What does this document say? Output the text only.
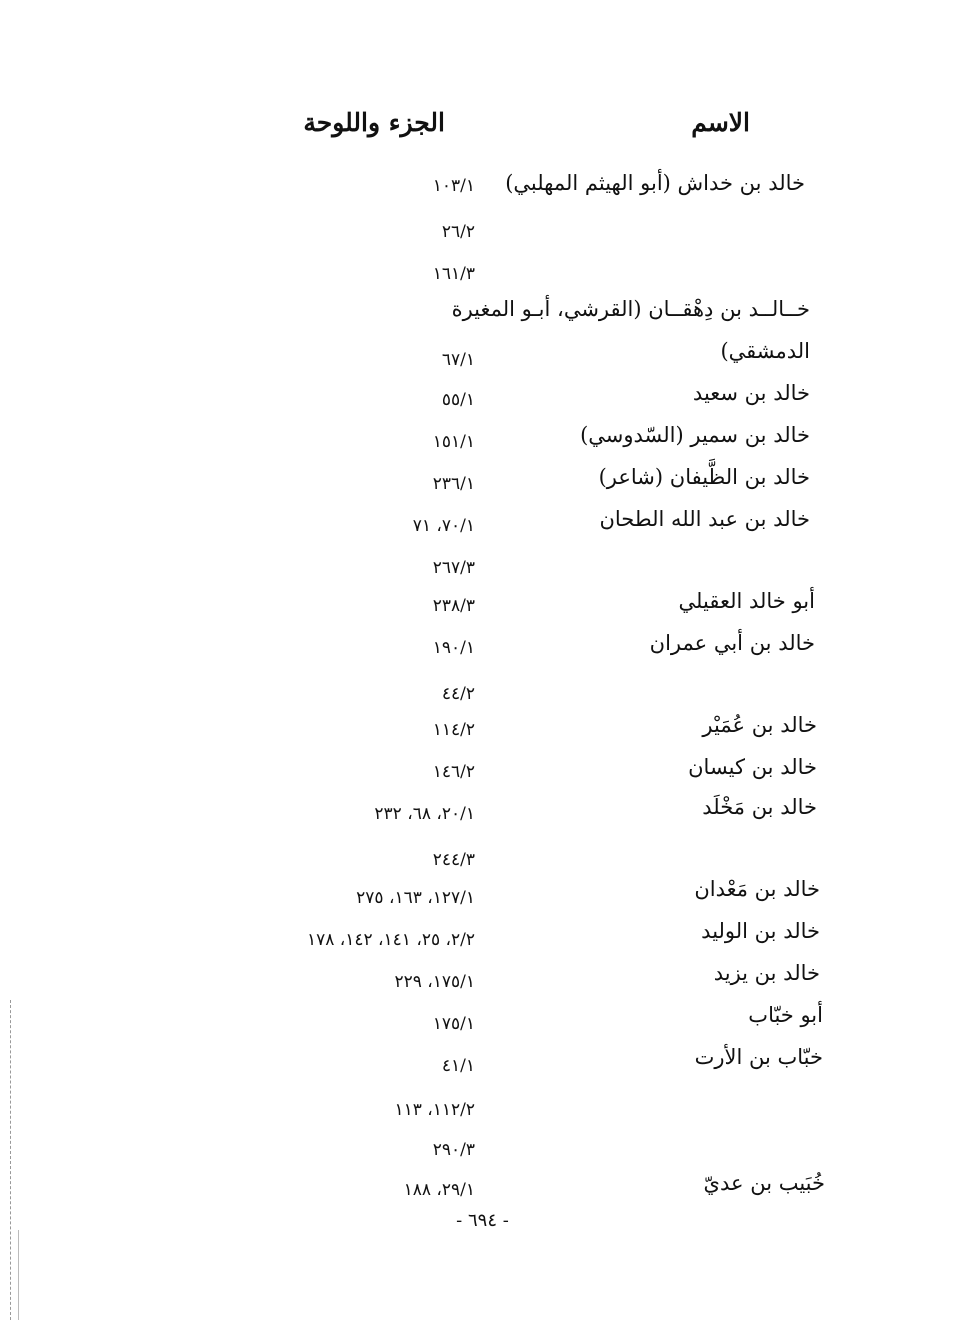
الاسم
الجزء واللوحة
خالد بن خداش (أبو الهيثم المهلبي)
١٠٣/١
٢٦/٢
١٦١/٣
خــالــد بن دِهْقــان (القرشي، أبـو المغيرة
الدمشقي)
٦٧/١
خالد بن سعيد
٥٥/١
خالد بن سمير (السّدوسي)
١٥١/١
خالد بن الظَّيفان (شاعر)
٢٣٦/١
خالد بن عبد الله الطحان
٧٠/١، ٧١
٢٦٧/٣
أبو خالد العقيلي
٢٣٨/٣
خالد بن أبي عمران
١٩٠/١
٤٤/٢
خالد بن عُمَيْر
١١٤/٢
خالد بن كيسان
١٤٦/٢
خالد بن مَخْلَد
٢٠/١، ٦٨، ٢٣٢
٢٤٤/٣
خالد بن مَعْدان
١٢٧/١، ١٦٣، ٢٧٥
خالد بن الوليد
٢/٢، ٢٥، ١٤١، ١٤٢، ١٧٨
خالد بن يزيد
١٧٥/١، ٢٢٩
أبو خبّاب
١٧٥/١
خبّاب بن الأرت
٤١/١
١١٢/٢، ١١٣
٢٩٠/٣
خُبَيب بن عديّ
٢٩/١، ١٨٨
- ٦٩٤ -
